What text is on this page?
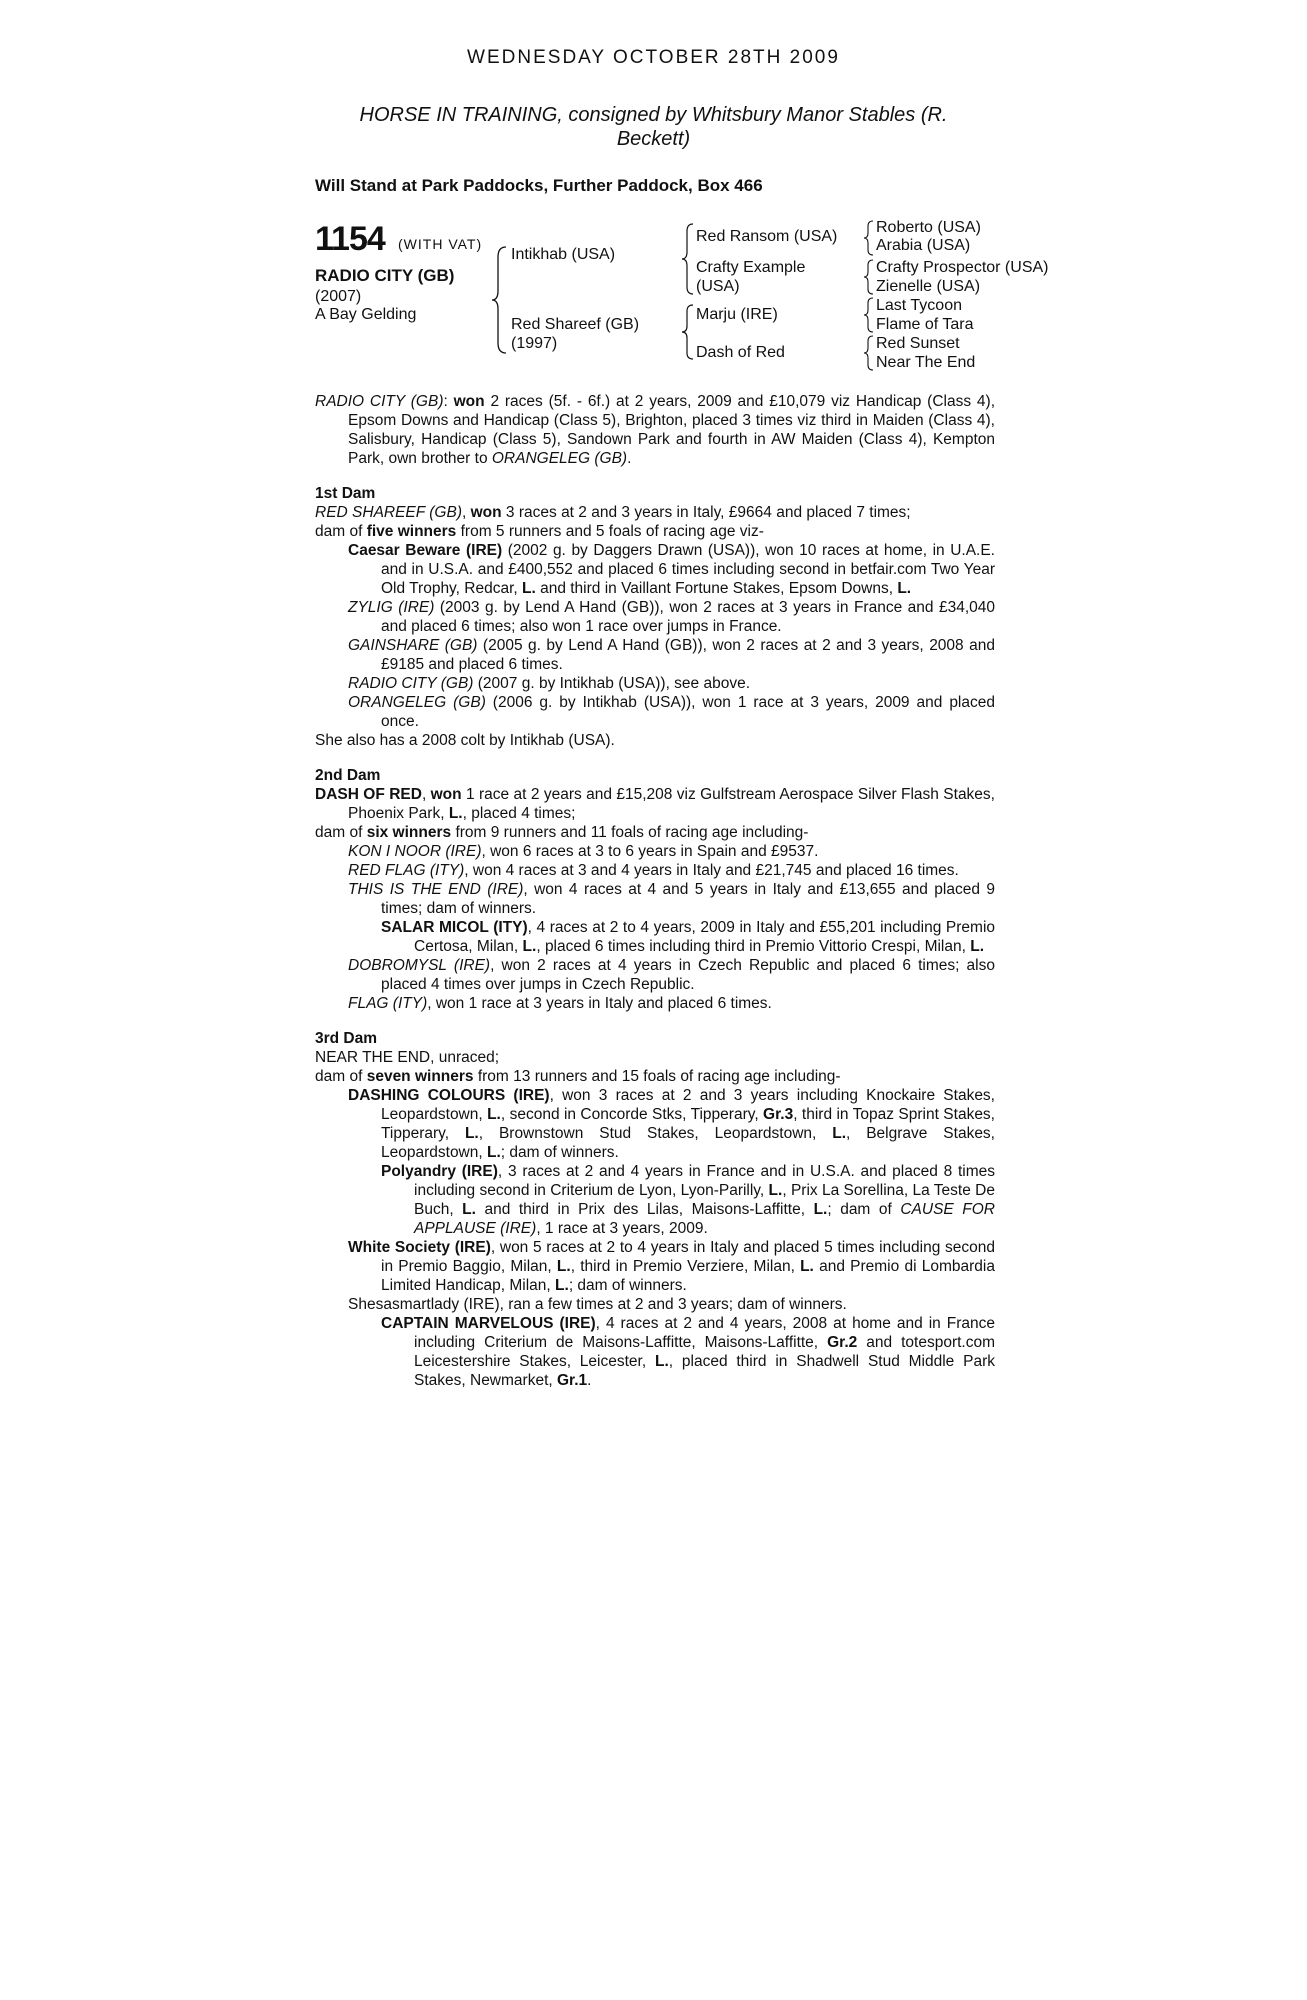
WEDNESDAY OCTOBER 28TH 2009
HORSE IN TRAINING, consigned by Whitsbury Manor Stables (R. Beckett)
Will Stand at Park Paddocks, Further Paddock, Box 466
1154 (WITH VAT)
RADIO CITY (GB)
(2007)
A Bay Gelding
Intikhab (USA)
Red Shareef (GB)
(1997)
Red Ransom (USA)
Crafty Example
(USA)
Marju (IRE)
Dash of Red
Roberto (USA)
Arabia (USA)
Crafty Prospector (USA)
Zienelle (USA)
Last Tycoon
Flame of Tara
Red Sunset
Near The End

RADIO CITY (GB): won 2 races (5f. - 6f.) at 2 years, 2009 and £10,079 viz Handicap (Class 4), Epsom Downs and Handicap (Class 5), Brighton, placed 3 times viz third in Maiden (Class 4), Salisbury, Handicap (Class 5), Sandown Park and fourth in AW Maiden (Class 4), Kempton Park, own brother to ORANGELEG (GB).

1st Dam

RED SHAREEF (GB), won 3 races at 2 and 3 years in Italy, £9664 and placed 7 times;

dam of five winners from 5 runners and 5 foals of racing age viz-

Caesar Beware (IRE) (2002 g. by Daggers Drawn (USA)), won 10 races at home, in U.A.E. and in U.S.A. and £400,552 and placed 6 times including second in betfair.com Two Year Old Trophy, Redcar, L. and third in Vaillant Fortune Stakes, Epsom Downs, L.

ZYLIG (IRE) (2003 g. by Lend A Hand (GB)), won 2 races at 3 years in France and £34,040 and placed 6 times; also won 1 race over jumps in France.

GAINSHARE (GB) (2005 g. by Lend A Hand (GB)), won 2 races at 2 and 3 years, 2008 and £9185 and placed 6 times.

RADIO CITY (GB) (2007 g. by Intikhab (USA)), see above.

ORANGELEG (GB) (2006 g. by Intikhab (USA)), won 1 race at 3 years, 2009 and placed once.

She also has a 2008 colt by Intikhab (USA).

2nd Dam

DASH OF RED, won 1 race at 2 years and £15,208 viz Gulfstream Aerospace Silver Flash Stakes, Phoenix Park, L., placed 4 times;

dam of six winners from 9 runners and 11 foals of racing age including-

KON I NOOR (IRE), won 6 races at 3 to 6 years in Spain and £9537.

RED FLAG (ITY), won 4 races at 3 and 4 years in Italy and £21,745 and placed 16 times.

THIS IS THE END (IRE), won 4 races at 4 and 5 years in Italy and £13,655 and placed 9 times; dam of winners.

SALAR MICOL (ITY), 4 races at 2 to 4 years, 2009 in Italy and £55,201 including Premio Certosa, Milan, L., placed 6 times including third in Premio Vittorio Crespi, Milan, L.

DOBROMYSL (IRE), won 2 races at 4 years in Czech Republic and placed 6 times; also placed 4 times over jumps in Czech Republic.

FLAG (ITY), won 1 race at 3 years in Italy and placed 6 times.

3rd Dam

NEAR THE END, unraced;

dam of seven winners from 13 runners and 15 foals of racing age including-

DASHING COLOURS (IRE), won 3 races at 2 and 3 years including Knockaire Stakes, Leopardstown, L., second in Concorde Stks, Tipperary, Gr.3, third in Topaz Sprint Stakes, Tipperary, L., Brownstown Stud Stakes, Leopardstown, L., Belgrave Stakes, Leopardstown, L.; dam of winners.

Polyandry (IRE), 3 races at 2 and 4 years in France and in U.S.A. and placed 8 times including second in Criterium de Lyon, Lyon-Parilly, L., Prix La Sorellina, La Teste De Buch, L. and third in Prix des Lilas, Maisons-Laffitte, L.; dam of CAUSE FOR APPLAUSE (IRE), 1 race at 3 years, 2009.

White Society (IRE), won 5 races at 2 to 4 years in Italy and placed 5 times including second in Premio Baggio, Milan, L., third in Premio Verziere, Milan, L. and Premio di Lombardia Limited Handicap, Milan, L.; dam of winners.

Shesasmartlady (IRE), ran a few times at 2 and 3 years; dam of winners.

CAPTAIN MARVELOUS (IRE), 4 races at 2 and 4 years, 2008 at home and in France including Criterium de Maisons-Laffitte, Maisons-Laffitte, Gr.2 and totesport.com Leicestershire Stakes, Leicester, L., placed third in Shadwell Stud Middle Park Stakes, Newmarket, Gr.1.
